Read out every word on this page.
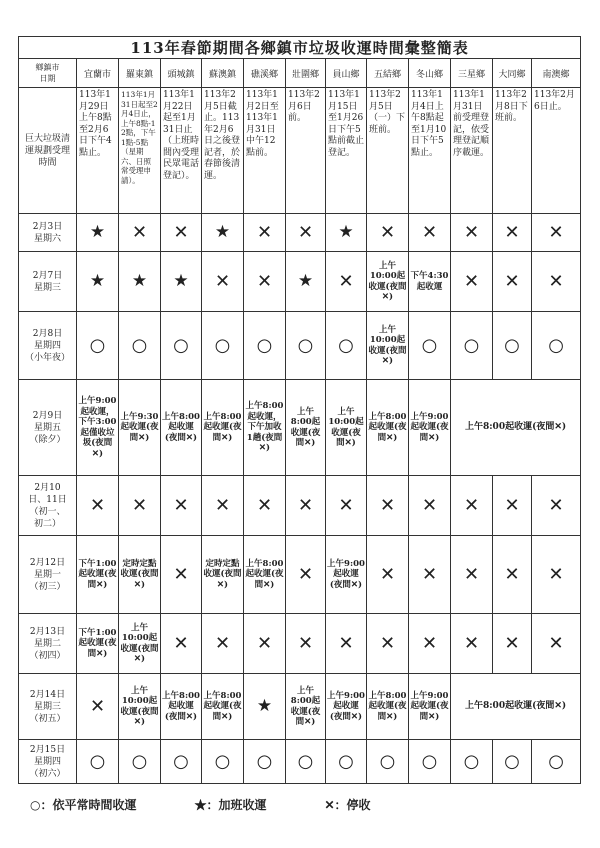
113年春節期間各鄉鎮市垃圾收運時間彙整簡表												

鄉鎮市
日期	宜蘭市	羅東鎮	頭城鎮	蘇澳鎮	礁溪鄉	壯圍鄉	員山鄉	五結鄉	冬山鄉	三星鄉	大同鄉	南澳鄉
巨大垃圾清運規劃受理時間	113年1月29日上午8點至2月6日下午4點止。	113年1月31日起至2月4日止，上午8點-12點，下午1點-5點（星期六、日照常受理申請）。	113年1月22日起至1月31日止（上班時間內受理民眾電話登記）。	113年2月5日截止。113年2月6日之後登記者，於春節後清運。	113年1月2日至113年1月31日中午12點前。	113年2月6日前。	113年1月15日至1月26日下午5點前截止登記。	113年2月5日（一）下班前。	113年1月4日上午8點起至1月10日下午5點止。	113年1月31日前受理登記，依受理登記順序載運。	113年2月8日下班前。	113年2月6日止。

2月3日
星期六	★	✕	✕	★	✕	✕	★	✕	✕	✕	✕	✕

2月7日
星期三	★	★	★	✕	✕	★	✕	上午10:00起收運(夜間✕)	下午4:30起收運	✕	✕	✕

2月8日
星期四
（小年夜）	○	○	○	○	○	○	○	上午10:00起收運(夜間✕)	○	○	○	○

2月9日
星期五
（除夕）	上午9:00起收運，下午3:00起僅收垃圾(夜間✕)	上午9:30起收運(夜間✕)	上午8:00起收運(夜間✕)	上午8:00起收運(夜間✕)	上午8:00起收運，下午加收1趟(夜間✕)	上午8:00起收運(夜間✕)	上午10:00起收運(夜間✕)	上午8:00起收運(夜間✕)	上午9:00起收運(夜間✕)	上午8:00起收運(夜間✕)		

2月10
日、11日
（初一、
初二）	✕	✕	✕	✕	✕	✕	✕	✕	✕	✕	✕	✕

2月12日
星期一
（初三）	下午1:00起收運(夜間✕)	定時定點收運(夜間✕)	✕	定時定點收運(夜間✕)	上午8:00起收運(夜間✕)	✕	上午9:00起收運(夜間✕)	✕	✕	✕	✕	✕

2月13日
星期二
（初四）	下午1:00起收運(夜間✕)	上午10:00起收運(夜間✕)	✕	✕	✕	✕	✕	✕	✕	✕	✕	✕

2月14日
星期三
（初五）	✕	上午10:00起收運(夜間✕)	上午8:00起收運(夜間✕)	上午8:00起收運(夜間✕)	★	上午8:00起收運(夜間✕)	上午9:00起收運(夜間✕)	上午8:00起收運(夜間✕)	上午9:00起收運(夜間✕)	上午8:00起收運(夜間✕)		

2月15日
星期四
（初六）	○	○	○	○	○	○	○	○	○	○	○	○
○：依平常時間收運	★：加班收運	✕：停收
